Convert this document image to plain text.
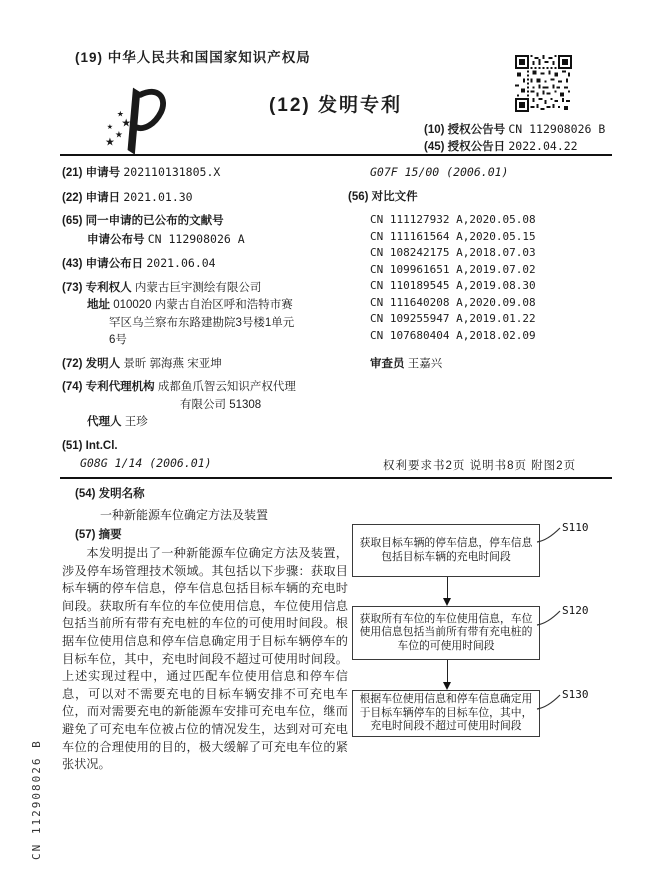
(19) 中华人民共和国国家知识产权局
★
★
★
★
★
(12) 发明专利
(10) 授权公告号 CN 112908026 B
(45) 授权公告日 2022.04.22
(21) 申请号 202110131805.X
(22) 申请日 2021.01.30
(65) 同一申请的已公布的文献号
申请公布号 CN 112908026 A
(43) 申请公布日 2021.06.04
(73) 专利权人 内蒙古巨宇测绘有限公司
地址 010020 内蒙古自治区呼和浩特市赛
罕区乌兰察布东路建勘院3号楼1单元
6号
(72) 发明人 景昕 郭海燕 宋亚坤
(74) 专利代理机构 成都鱼爪智云知识产权代理
有限公司 51308
代理人 王珍
(51) Int.Cl.
G08G 1/14 (2006.01)
G07F 15/00 (2006.01)
(56) 对比文件
CN 111127932 A,2020.05.08
CN 111161564 A,2020.05.15
CN 108242175 A,2018.07.03
CN 109961651 A,2019.07.02
CN 110189545 A,2019.08.30
CN 111640208 A,2020.09.08
CN 109255947 A,2019.01.22
CN 107680404 A,2018.02.09
审查员 王嘉兴
权利要求书2页 说明书8页 附图2页
(54) 发明名称
一种新能源车位确定方法及装置
(57) 摘要
本发明提出了一种新能源车位确定方法及装置，涉及停车场管理技术领域。其包括以下步骤：获取目标车辆的停车信息，停车信息包括目标车辆的充电时间段。获取所有车位的车位使用信息，车位使用信息包括当前所有带有充电桩的车位的可使用时间段。根据车位使用信息和停车信息确定用于目标车辆停车的目标车位，其中，充电时间段不超过可使用时间段。上述实现过程中，通过匹配车位使用信息和停车信息，可以对不需要充电的目标车辆安排不可充电车位，而对需要充电的新能源车安排可充电车位，继而避免了可充电车位被占位的情况发生，达到对可充电车位的合理使用的目的，极大缓解了可充电车位的紧张状况。
获取目标车辆的停车信息，停车信息包括目标车辆的充电时间段
获取所有车位的车位使用信息，车位使用信息包括当前所有带有充电桩的车位的可使用时间段
根据车位使用信息和停车信息确定用于目标车辆停车的目标车位，其中，充电时间段不超过可使用时间段
S110
S120
S130
CN 112908026 B
